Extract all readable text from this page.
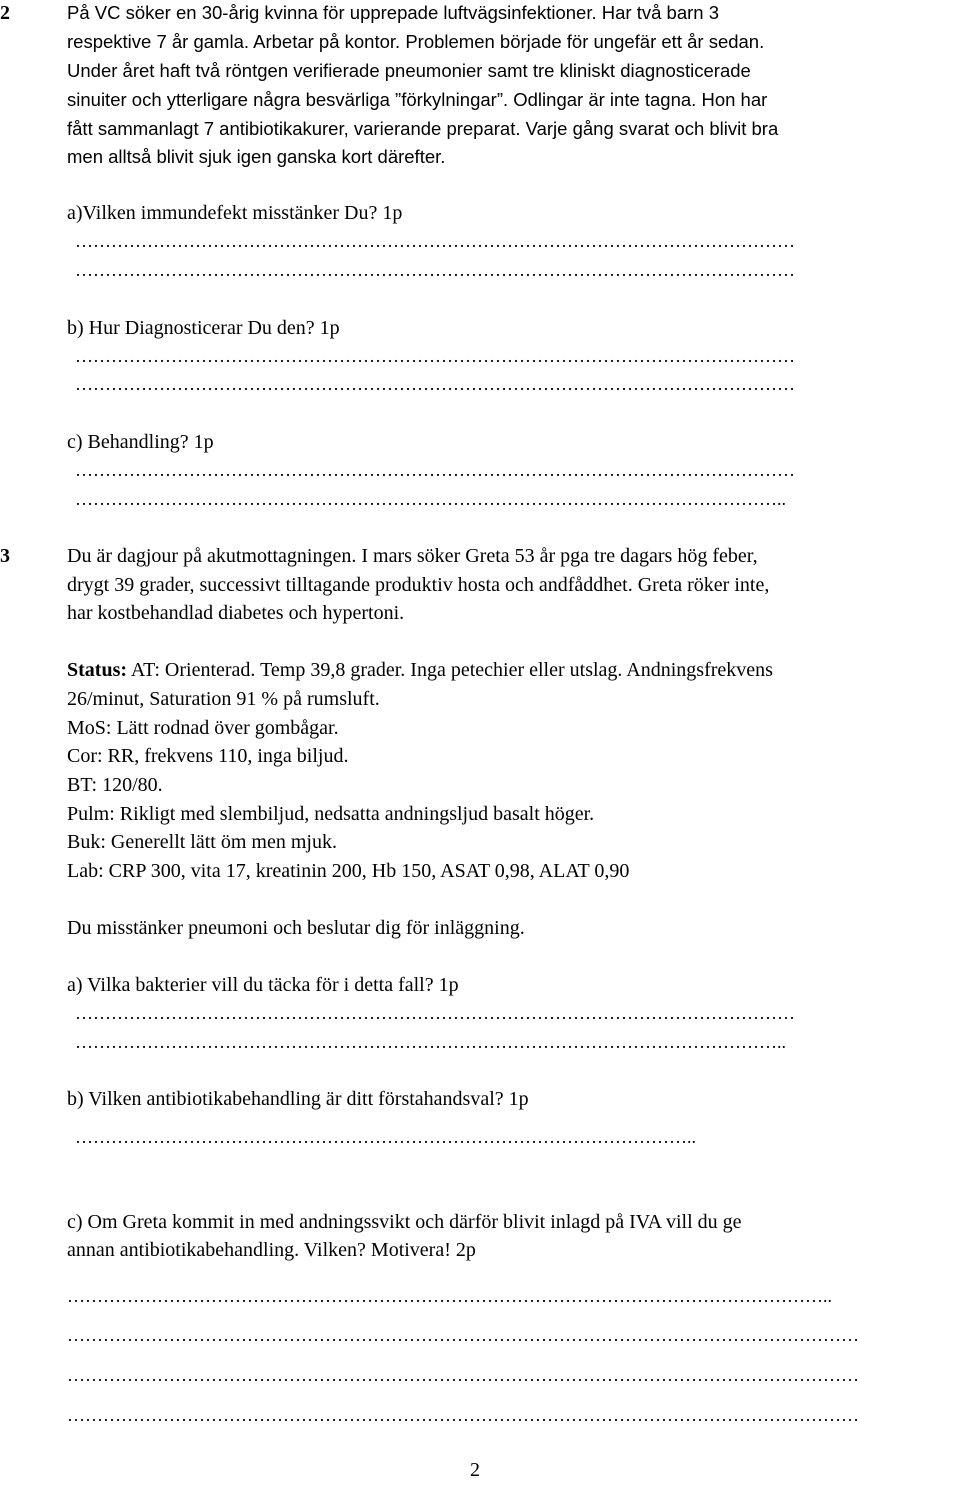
2	På VC söker en 30-årig kvinna för upprepade luftvägsinfektioner. Har två barn 3
respektive 7 år gamla. Arbetar på kontor. Problemen började för ungefär ett år sedan.
Under året haft två röntgen verifierade pneumonier samt tre kliniskt diagnosticerade
sinuiter och ytterligare några besvärliga ”förkylningar”. Odlingar är inte tagna. Hon har
fått sammanlagt 7 antibiotikakurer, varierande preparat. Varje gång svarat och blivit bra
men alltså blivit sjuk igen ganska kort därefter.
a)Vilken immundefekt misstänker Du? 1p
…………………………………………………………………………………………………………
…………………………………………………………………………………………………………
b) Hur Diagnosticerar Du den? 1p
…………………………………………………………………………………………………………
…………………………………………………………………………………………………………
c) Behandling? 1p
…………………………………………………………………………………………………………
………………………………………………………………………………………………………..
3	Du är dagjour på akutmottagningen. I mars söker Greta 53 år pga tre dagars hög feber,
drygt 39 grader, successivt tilltagande produktiv hosta och andfåddhet. Greta röker inte,
har kostbehandlad diabetes och hypertoni.
Status: AT: Orienterad. Temp 39,8 grader. Inga petechier eller utslag. Andningsfrekvens
26/minut, Saturation 91 % på rumsluft.
MoS: Lätt rodnad över gombågar.
Cor: RR, frekvens 110, inga biljud.
BT: 120/80.
Pulm: Rikligt med slembiljud, nedsatta andningsljud basalt höger.
Buk: Generellt lätt öm men mjuk.
Lab: CRP 300, vita 17, kreatinin 200, Hb 150, ASAT 0,98, ALAT 0,90
Du misstänker pneumoni och beslutar dig för inläggning.
a) Vilka bakterier vill du täcka för i detta fall? 1p
…………………………………………………………………………………………………………
………………………………………………………………………………………………………..
b) Vilken antibiotikabehandling är ditt förstahandsval? 1p
…………………………………………………………………………………………..
c) Om Greta kommit in med andningssvikt och därför blivit inlagd på IVA vill du ge
annan antibiotikabehandling. Vilken? Motivera! 2p
………………………………………………………………………………………………………………..
……………………………………………………………………………………………………………………
……………………………………………………………………………………………………………………
……………………………………………………………………………………………………………………
2
